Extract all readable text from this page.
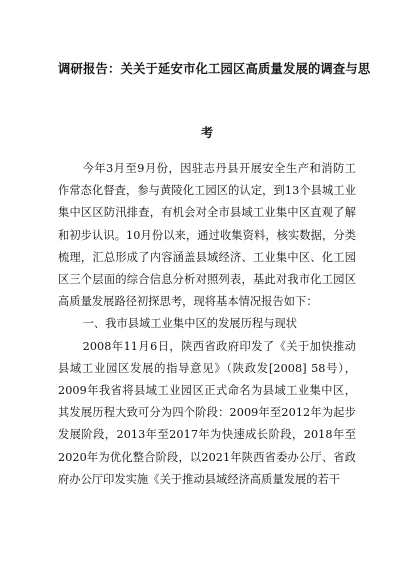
调研报告：关关于延安市化工园区高质量发展的调查与思

考

今年3月至9月份，因驻志丹县开展安全生产和消防工作常态化督査，参与黄陵化工园区的认定，到13个县城工业集中区区防汛排查，有机会对全市县域工业集中区直观了解和初步认识。10月份以来，通过收集资料，核实数据，分类梳理，汇总形成了内容涵盖县域经济、工业集中区、化工园区三个层面的综合信息分析对照列表，基此对我市化工园区高质量发展路径初探思考，现将基本情况报告如下：

一、我市县域工业集中区的发展历程与现状

2008年11月6日，陕西省政府印发了《关于加快推动县域工业园区发展的指导意见》（陕政发[2008] 58号），2009年我省将县域工业园区正式命名为县域工业集中区，其发展历程大致可分为四个阶段：2009年至2012年为起步发展阶段，2013年至2017年为快速成长阶段，2018年至2020年为优化整合阶段，以2021年陕西省委办公厅、省政府办公厅印发实施《关于推动县域经济高质量发展的若干
